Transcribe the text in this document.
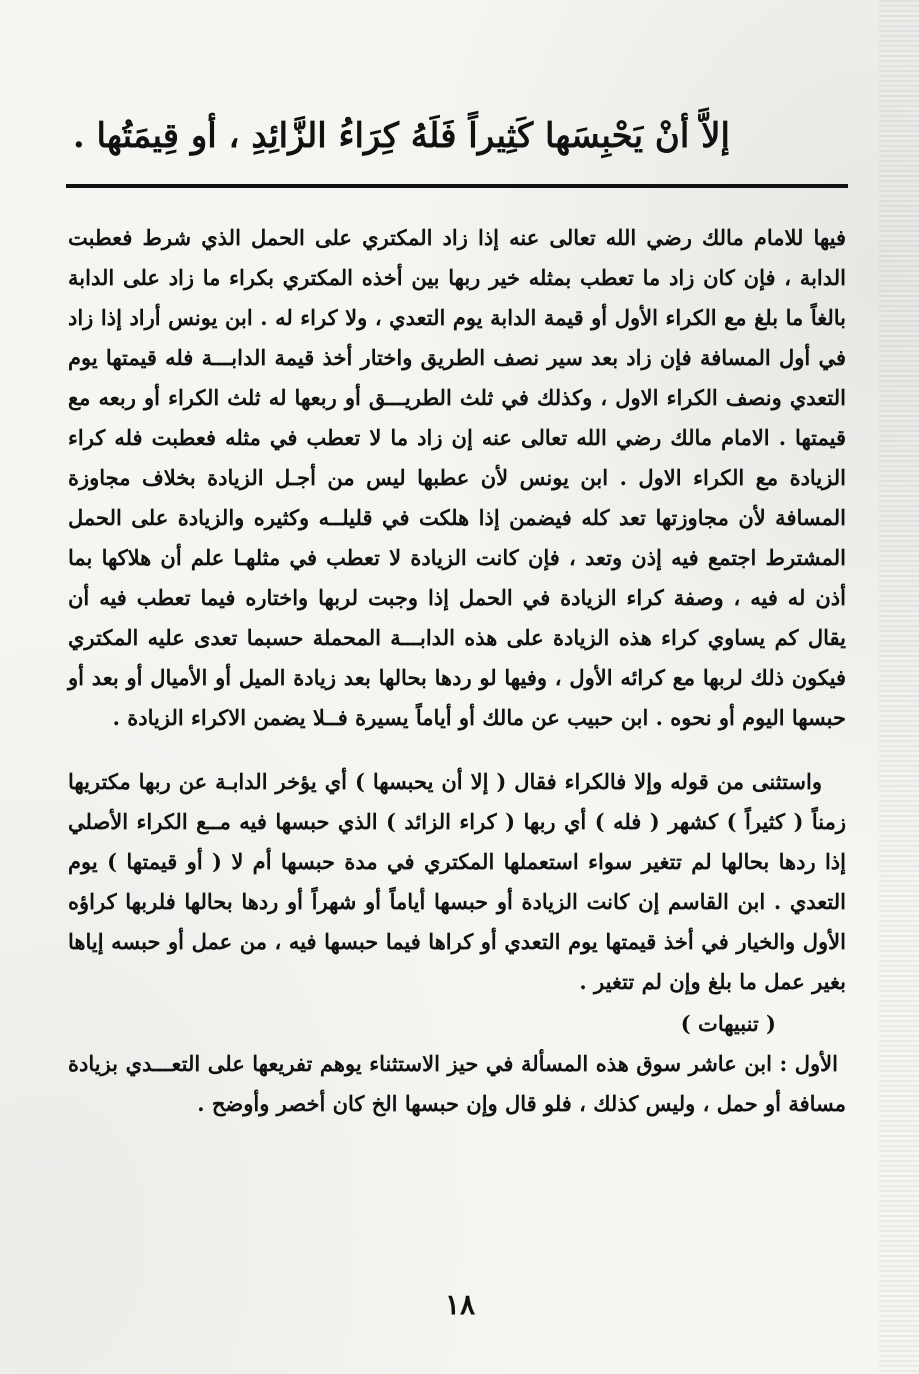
إلاَّ أنْ يَحْبِسَها كَثِيراً فَلَهُ كِرَاءُ الزَّائِدِ ، أو قِيمَتُها .

فيها للامام مالك رضي الله تعالى عنه إذا زاد المكتري على الحمل الذي شرط فعطبت الدابة ، فإن كان زاد ما تعطب بمثله خير ربها بين أخذه المكتري بكراء ما زاد على الدابة بالغاً ما بلغ مع الكراء الأول أو قيمة الدابة يوم التعدي ، ولا كراء له . ابن يونس أراد إذا زاد في أول المسافة فإن زاد بعد سير نصف الطريق واختار أخذ قيمة الدابـــة فله قيمتها يوم التعدي ونصف الكراء الاول ، وكذلك في ثلث الطريـــق أو ربعها له ثلث الكراء أو ربعه مع قيمتها . الامام مالك رضي الله تعالى عنه إن زاد ما لا تعطب في مثله فعطبت فله كراء الزيادة مع الكراء الاول . ابن يونس لأن عطبها ليس من أجـل الزيادة بخلاف مجاوزة المسافة لأن مجاوزتها تعد كله فيضمن إذا هلكت في قليلــه وكثيره والزيادة على الحمل المشترط اجتمع فيه إذن وتعد ، فإن كانت الزيادة لا تعطب في مثلهـا علم أن هلاكها بما أذن له فيه ، وصفة كراء الزيادة في الحمل إذا وجبت لربها واختاره فيما تعطب فيه أن يقال كم يساوي كراء هذه الزيادة على هذه الدابـــة المحملة حسبما تعدى عليه المكتري فيكون ذلك لربها مع كرائه الأول ، وفيها لو ردها بحالها بعد زيادة الميل أو الأميال أو بعد أو حبسها اليوم أو نحوه . ابن حبيب عن مالك أو أياماً يسيرة فــلا يضمن الاكراء الزيادة .

واستثنى من قوله وإلا فالكراء فقال ( إلا أن يحبسها ) أي يؤخر الدابـة عن ربها مكتريها زمناً ( كثيراً ) كشهر ( فله ) أي ربها ( كراء الزائد ) الذي حبسها فيه مــع الكراء الأصلي إذا ردها بحالها لم تتغير سواء استعملها المكتري في مدة حبسها أم لا ( أو قيمتها ) يوم التعدي . ابن القاسم إن كانت الزيادة أو حبسها أياماً أو شهراً أو ردها بحالها فلربها كراؤه الأول والخيار في أخذ قيمتها يوم التعدي أو كراها فيما حبسها فيه ، من عمل أو حبسه إياها بغير عمل ما بلغ وإن لم تتغير .

( تنبيهات )

الأول : ابن عاشر سوق هذه المسألة في حيز الاستثناء يوهم تفريعها على التعـــدي بزيادة مسافة أو حمل ، وليس كذلك ، فلو قال وإن حبسها الخ كان أخصر وأوضح .

١٨
